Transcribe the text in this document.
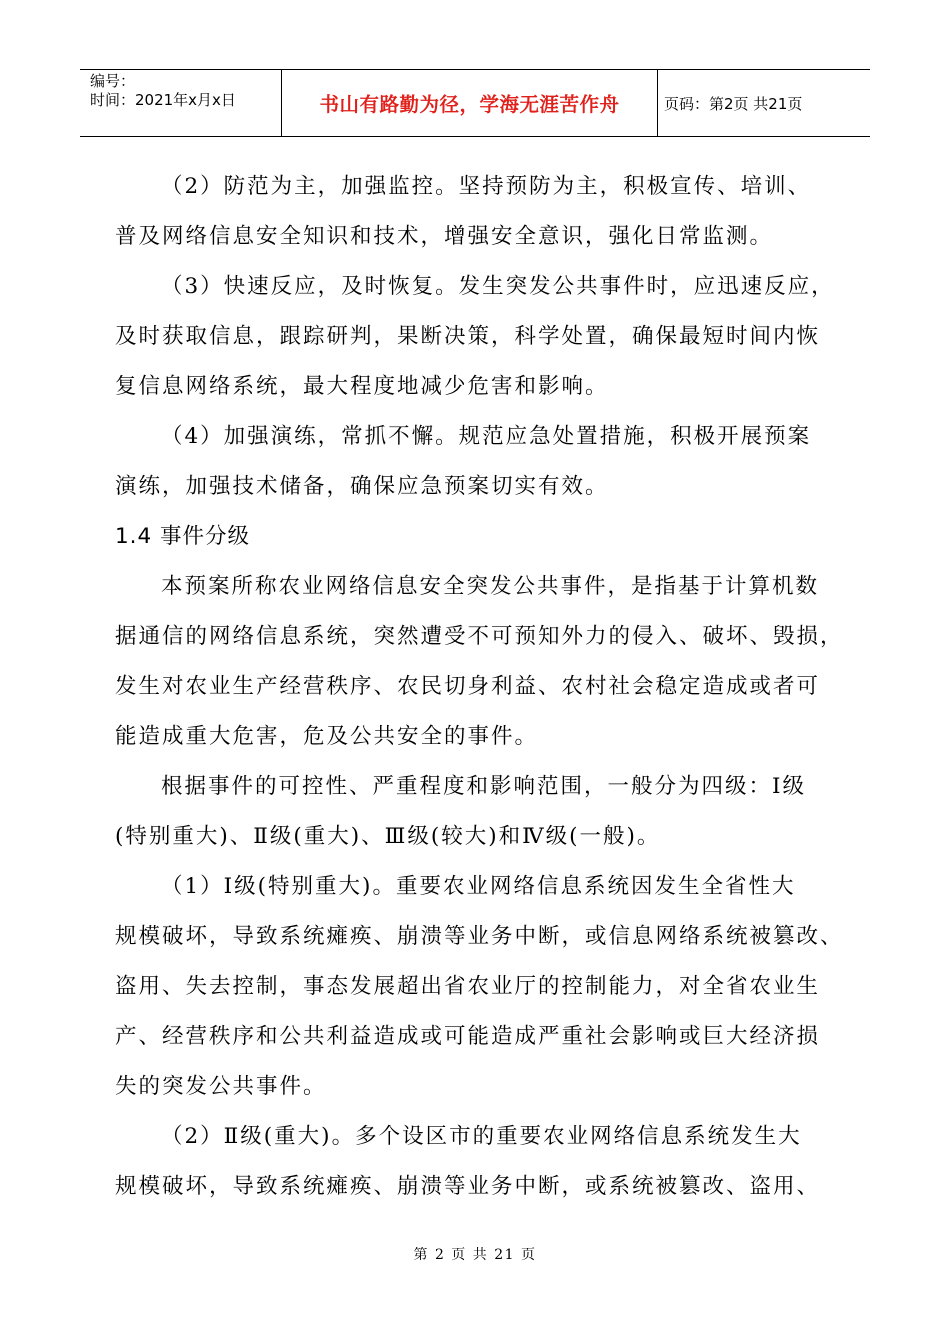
编号：
时间：2021年x月x日	书山有路勤为径，学海无涯苦作舟	页码：第2页 共21页
（2）防范为主，加强监控。坚持预防为主，积极宣传、培训、
普及网络信息安全知识和技术，增强安全意识，强化日常监测。
（3）快速反应，及时恢复。发生突发公共事件时，应迅速反应，
及时获取信息，跟踪研判，果断决策，科学处置，确保最短时间内恢
复信息网络系统，最大程度地减少危害和影响。
（4）加强演练，常抓不懈。规范应急处置措施，积极开展预案
演练，加强技术储备，确保应急预案切实有效。
1.4 事件分级
本预案所称农业网络信息安全突发公共事件，是指基于计算机数
据通信的网络信息系统，突然遭受不可预知外力的侵入、破坏、毁损，
发生对农业生产经营秩序、农民切身利益、农村社会稳定造成或者可
能造成重大危害，危及公共安全的事件。
根据事件的可控性、严重程度和影响范围，一般分为四级：Ⅰ级
(特别重大)、Ⅱ级(重大)、Ⅲ级(较大)和Ⅳ级(一般)。
（1）Ⅰ级(特别重大)。重要农业网络信息系统因发生全省性大
规模破坏，导致系统瘫痪、崩溃等业务中断，或信息网络系统被篡改、
盗用、失去控制，事态发展超出省农业厅的控制能力，对全省农业生
产、经营秩序和公共利益造成或可能造成严重社会影响或巨大经济损
失的突发公共事件。
（2）Ⅱ级(重大)。多个设区市的重要农业网络信息系统发生大
规模破坏，导致系统瘫痪、崩溃等业务中断，或系统被篡改、盗用、
第 2 页 共 21 页
